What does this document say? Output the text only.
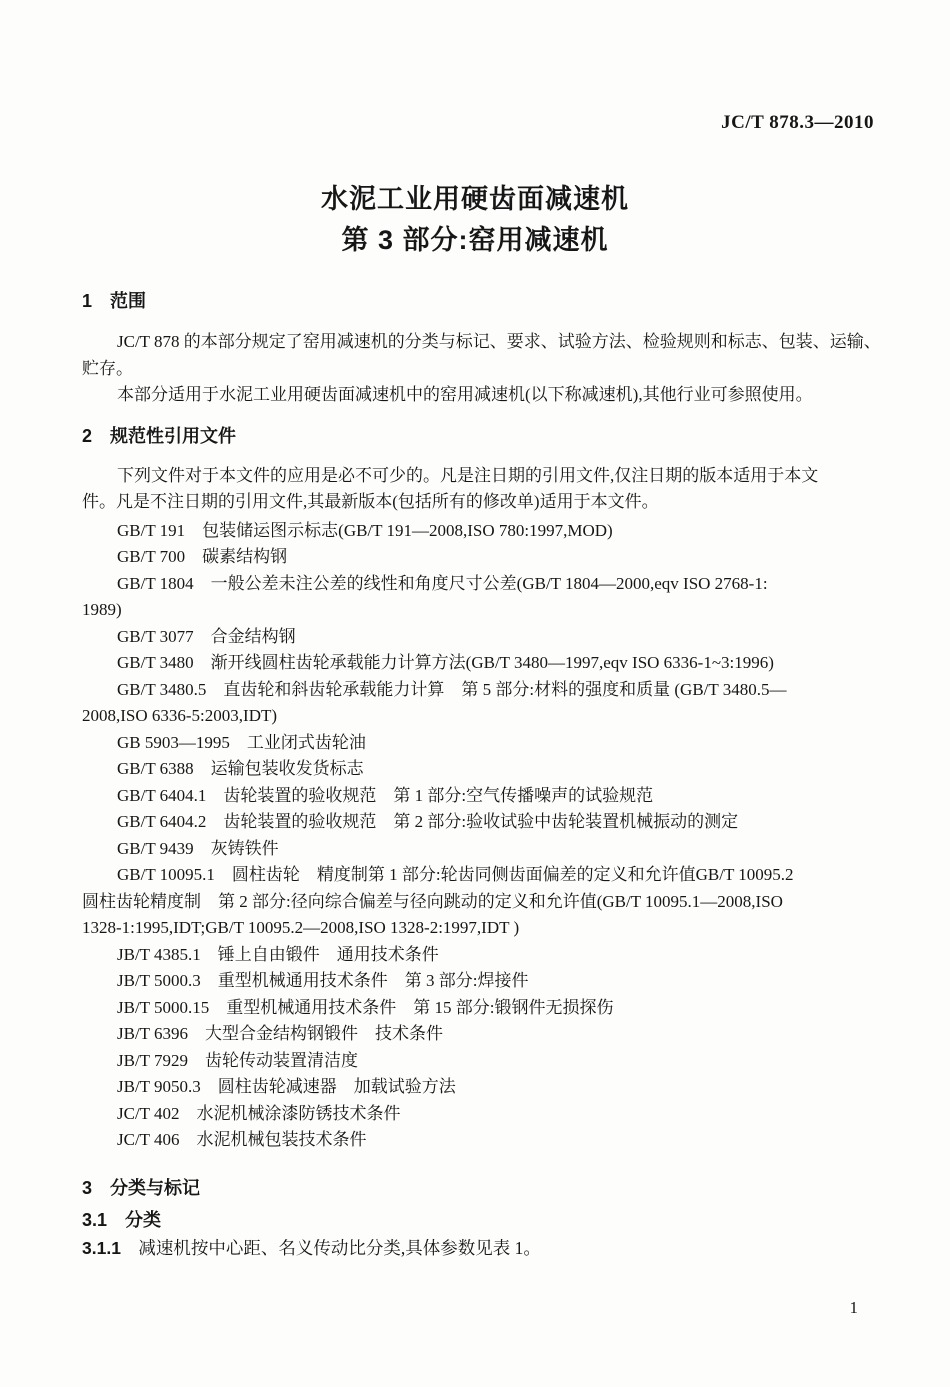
JC/T 878.3—2010
水泥工业用硬齿面减速机
第 3 部分:窑用减速机
1　范围
JC/T 878 的本部分规定了窑用减速机的分类与标记、要求、试验方法、检验规则和标志、包装、运输、
贮存。
本部分适用于水泥工业用硬齿面减速机中的窑用减速机(以下称减速机),其他行业可参照使用。
2　规范性引用文件
下列文件对于本文件的应用是必不可少的。凡是注日期的引用文件,仅注日期的版本适用于本文
件。凡是不注日期的引用文件,其最新版本(包括所有的修改单)适用于本文件。
GB/T 191　包装储运图示标志(GB/T 191—2008,ISO 780:1997,MOD)
GB/T 700　碳素结构钢
GB/T 1804　一般公差未注公差的线性和角度尺寸公差(GB/T 1804—2000,eqv ISO 2768-1:
1989)
GB/T 3077　合金结构钢
GB/T 3480　渐开线圆柱齿轮承载能力计算方法(GB/T 3480—1997,eqv ISO 6336-1~3:1996)
GB/T 3480.5　直齿轮和斜齿轮承载能力计算　第 5 部分:材料的强度和质量 (GB/T 3480.5—
2008,ISO 6336-5:2003,IDT)
GB 5903—1995　工业闭式齿轮油
GB/T 6388　运输包装收发货标志
GB/T 6404.1　齿轮装置的验收规范　第 1 部分:空气传播噪声的试验规范
GB/T 6404.2　齿轮装置的验收规范　第 2 部分:验收试验中齿轮装置机械振动的测定
GB/T 9439　灰铸铁件
GB/T 10095.1　圆柱齿轮　精度制第 1 部分:轮齿同侧齿面偏差的定义和允许值GB/T 10095.2
圆柱齿轮精度制　第 2 部分:径向综合偏差与径向跳动的定义和允许值(GB/T 10095.1—2008,ISO
1328-1:1995,IDT;GB/T 10095.2—2008,ISO 1328-2:1997,IDT )
JB/T 4385.1　锤上自由锻件　通用技术条件
JB/T 5000.3　重型机械通用技术条件　第 3 部分:焊接件
JB/T 5000.15　重型机械通用技术条件　第 15 部分:锻钢件无损探伤
JB/T 6396　大型合金结构钢锻件　技术条件
JB/T 7929　齿轮传动装置清洁度
JB/T 9050.3　圆柱齿轮减速器　加载试验方法
JC/T 402　水泥机械涂漆防锈技术条件
JC/T 406　水泥机械包装技术条件
3　分类与标记
3.1　分类
3.1.1　减速机按中心距、名义传动比分类,具体参数见表 1。
1
